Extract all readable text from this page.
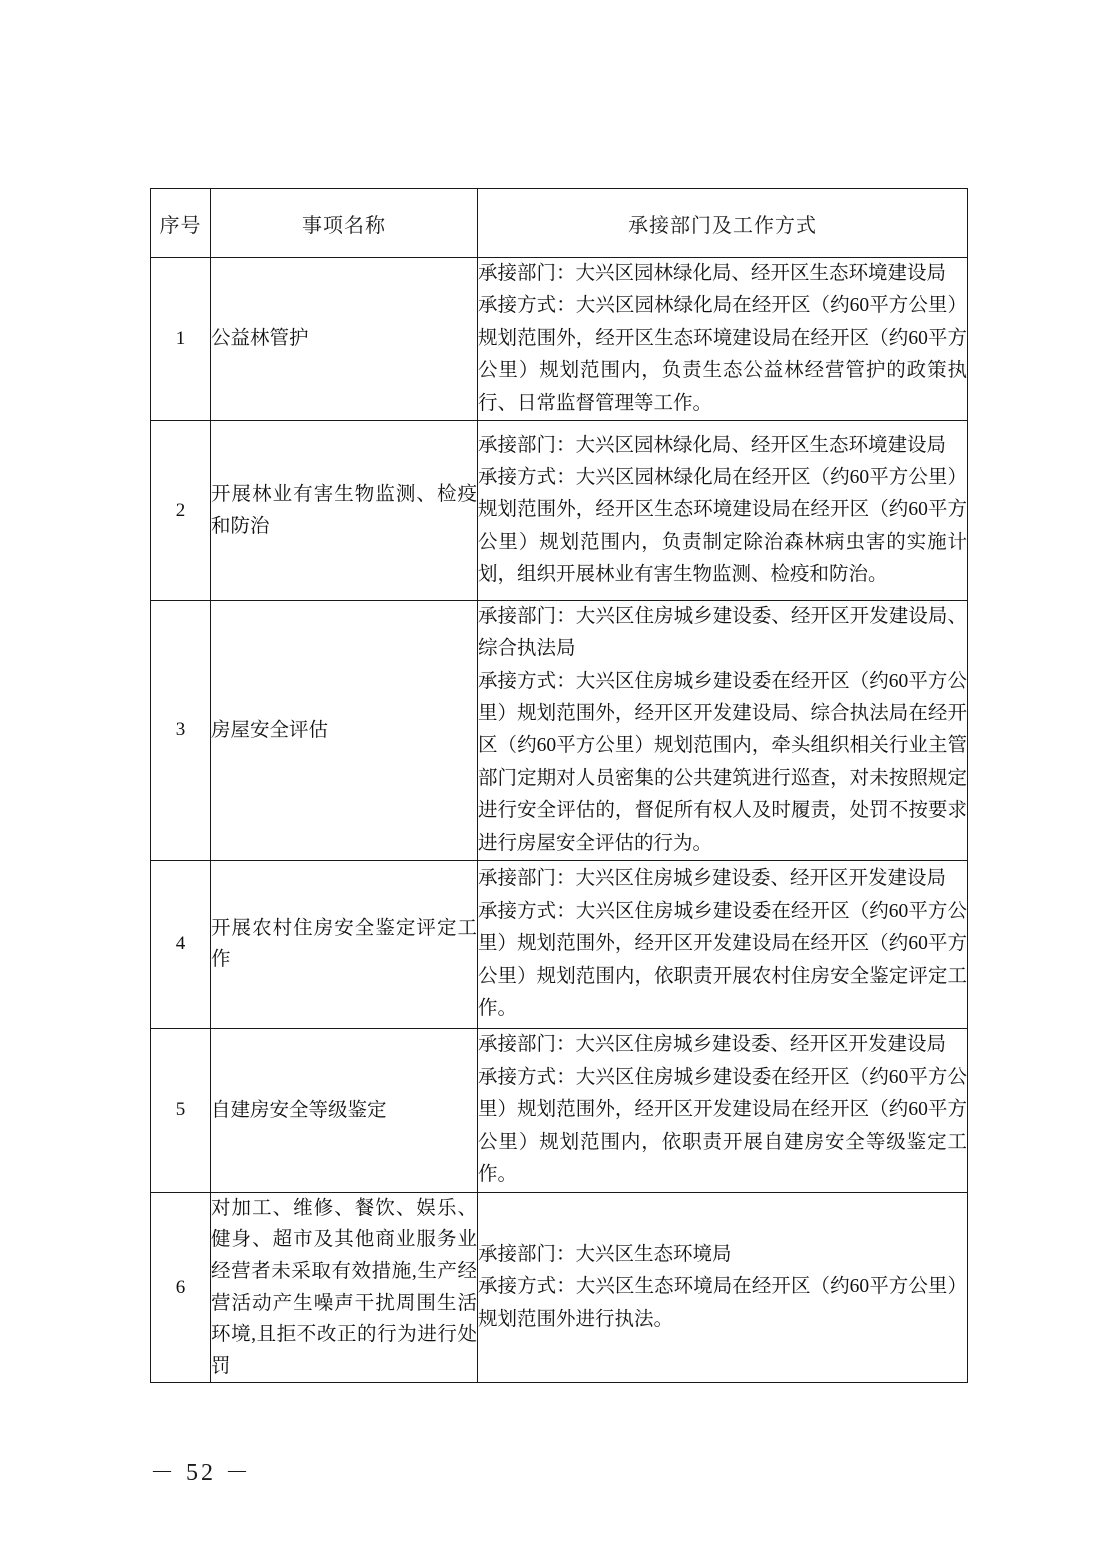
序号	事项名称	承接部门及工作方式
1	公益林管护	承接部门：大兴区园林绿化局、经开区生态环境建设局

承接方式：大兴区园林绿化局在经开区（约60平方公里）规划范围外，经开区生态环境建设局在经开区（约60平方公里）规划范围内，负责生态公益林经营管护的政策执行、日常监督管理等工作。

2	开展林业有害生物监测、检疫和防治	承接部门：大兴区园林绿化局、经开区生态环境建设局

承接方式：大兴区园林绿化局在经开区（约60平方公里）规划范围外，经开区生态环境建设局在经开区（约60平方公里）规划范围内，负责制定除治森林病虫害的实施计划，组织开展林业有害生物监测、检疫和防治。

3	房屋安全评估	承接部门：大兴区住房城乡建设委、经开区开发建设局、综合执法局

承接方式：大兴区住房城乡建设委在经开区（约60平方公里）规划范围外，经开区开发建设局、综合执法局在经开区（约60平方公里）规划范围内，牵头组织相关行业主管部门定期对人员密集的公共建筑进行巡查，对未按照规定进行安全评估的，督促所有权人及时履责，处罚不按要求进行房屋安全评估的行为。

4	开展农村住房安全鉴定评定工作	承接部门：大兴区住房城乡建设委、经开区开发建设局

承接方式：大兴区住房城乡建设委在经开区（约60平方公里）规划范围外，经开区开发建设局在经开区（约60平方公里）规划范围内，依职责开展农村住房安全鉴定评定工作。

5	自建房安全等级鉴定	承接部门：大兴区住房城乡建设委、经开区开发建设局

承接方式：大兴区住房城乡建设委在经开区（约60平方公里）规划范围外，经开区开发建设局在经开区（约60平方公里）规划范围内，依职责开展自建房安全等级鉴定工作。

6	对加工、维修、餐饮、娱乐、健身、超市及其他商业服务业经营者未采取有效措施,生产经营活动产生噪声干扰周围生活环境,且拒不改正的行为进行处罚	承接部门：大兴区生态环境局

承接方式：大兴区生态环境局在经开区（约60平方公里）规划范围外进行执法。

－ 52 －
